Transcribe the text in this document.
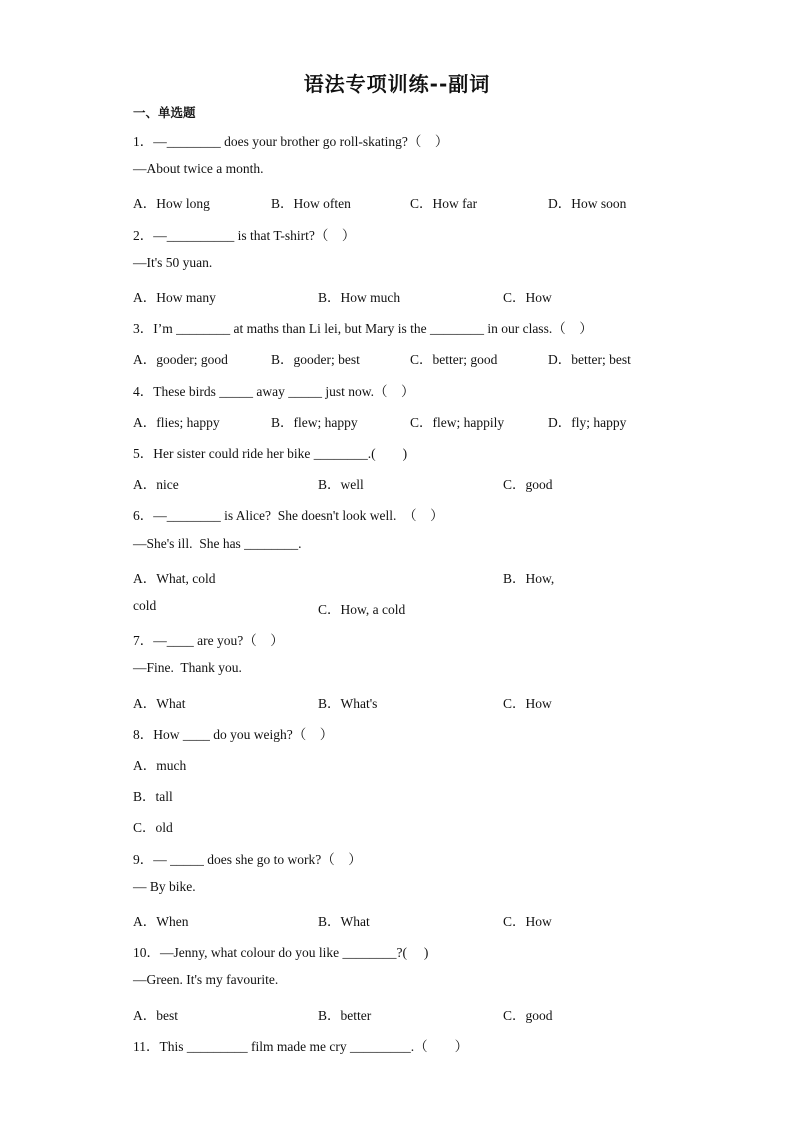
语法专项训练--副词
一、单选题
1．—________ does your brother go roll-skating?（　）
—About twice a month.
A．How long	B．How often	C．How far	D．How soon
2．—__________ is that T-shirt?（　）
—It's 50 yuan.
A．How many	B．How much	C．How
3．I’m ________ at maths than Li lei, but Mary is the ________ in our class.（　）
A．gooder; good	B．gooder; best	C．better; good	D．better; best
4．These birds _____ away _____ just now.（　）
A．flies; happy	B．flew; happy	C．flew; happily	D．fly; happy
5．Her sister could ride her bike ________.(　　)
A．nice	B．well	C．good
6．—________ is Alice?  She doesn't look well.  （　）
—She's ill.  She has ________.
A．What, cold	B．How,
cold	C．How, a cold
7．—____ are you?（　）
—Fine.  Thank you.
A．What	B．What's	C．How
8．How ____ do you weigh?（　）
A．much
B．tall
C．old
9．— _____ does she go to work?（　）
— By bike.
A．When	B．What	C．How
10．—Jenny, what colour do you like ________?(　 )
—Green. It's my favourite.
A．best	B．better	C．good
11．This _________ film made me cry _________.（　　）
